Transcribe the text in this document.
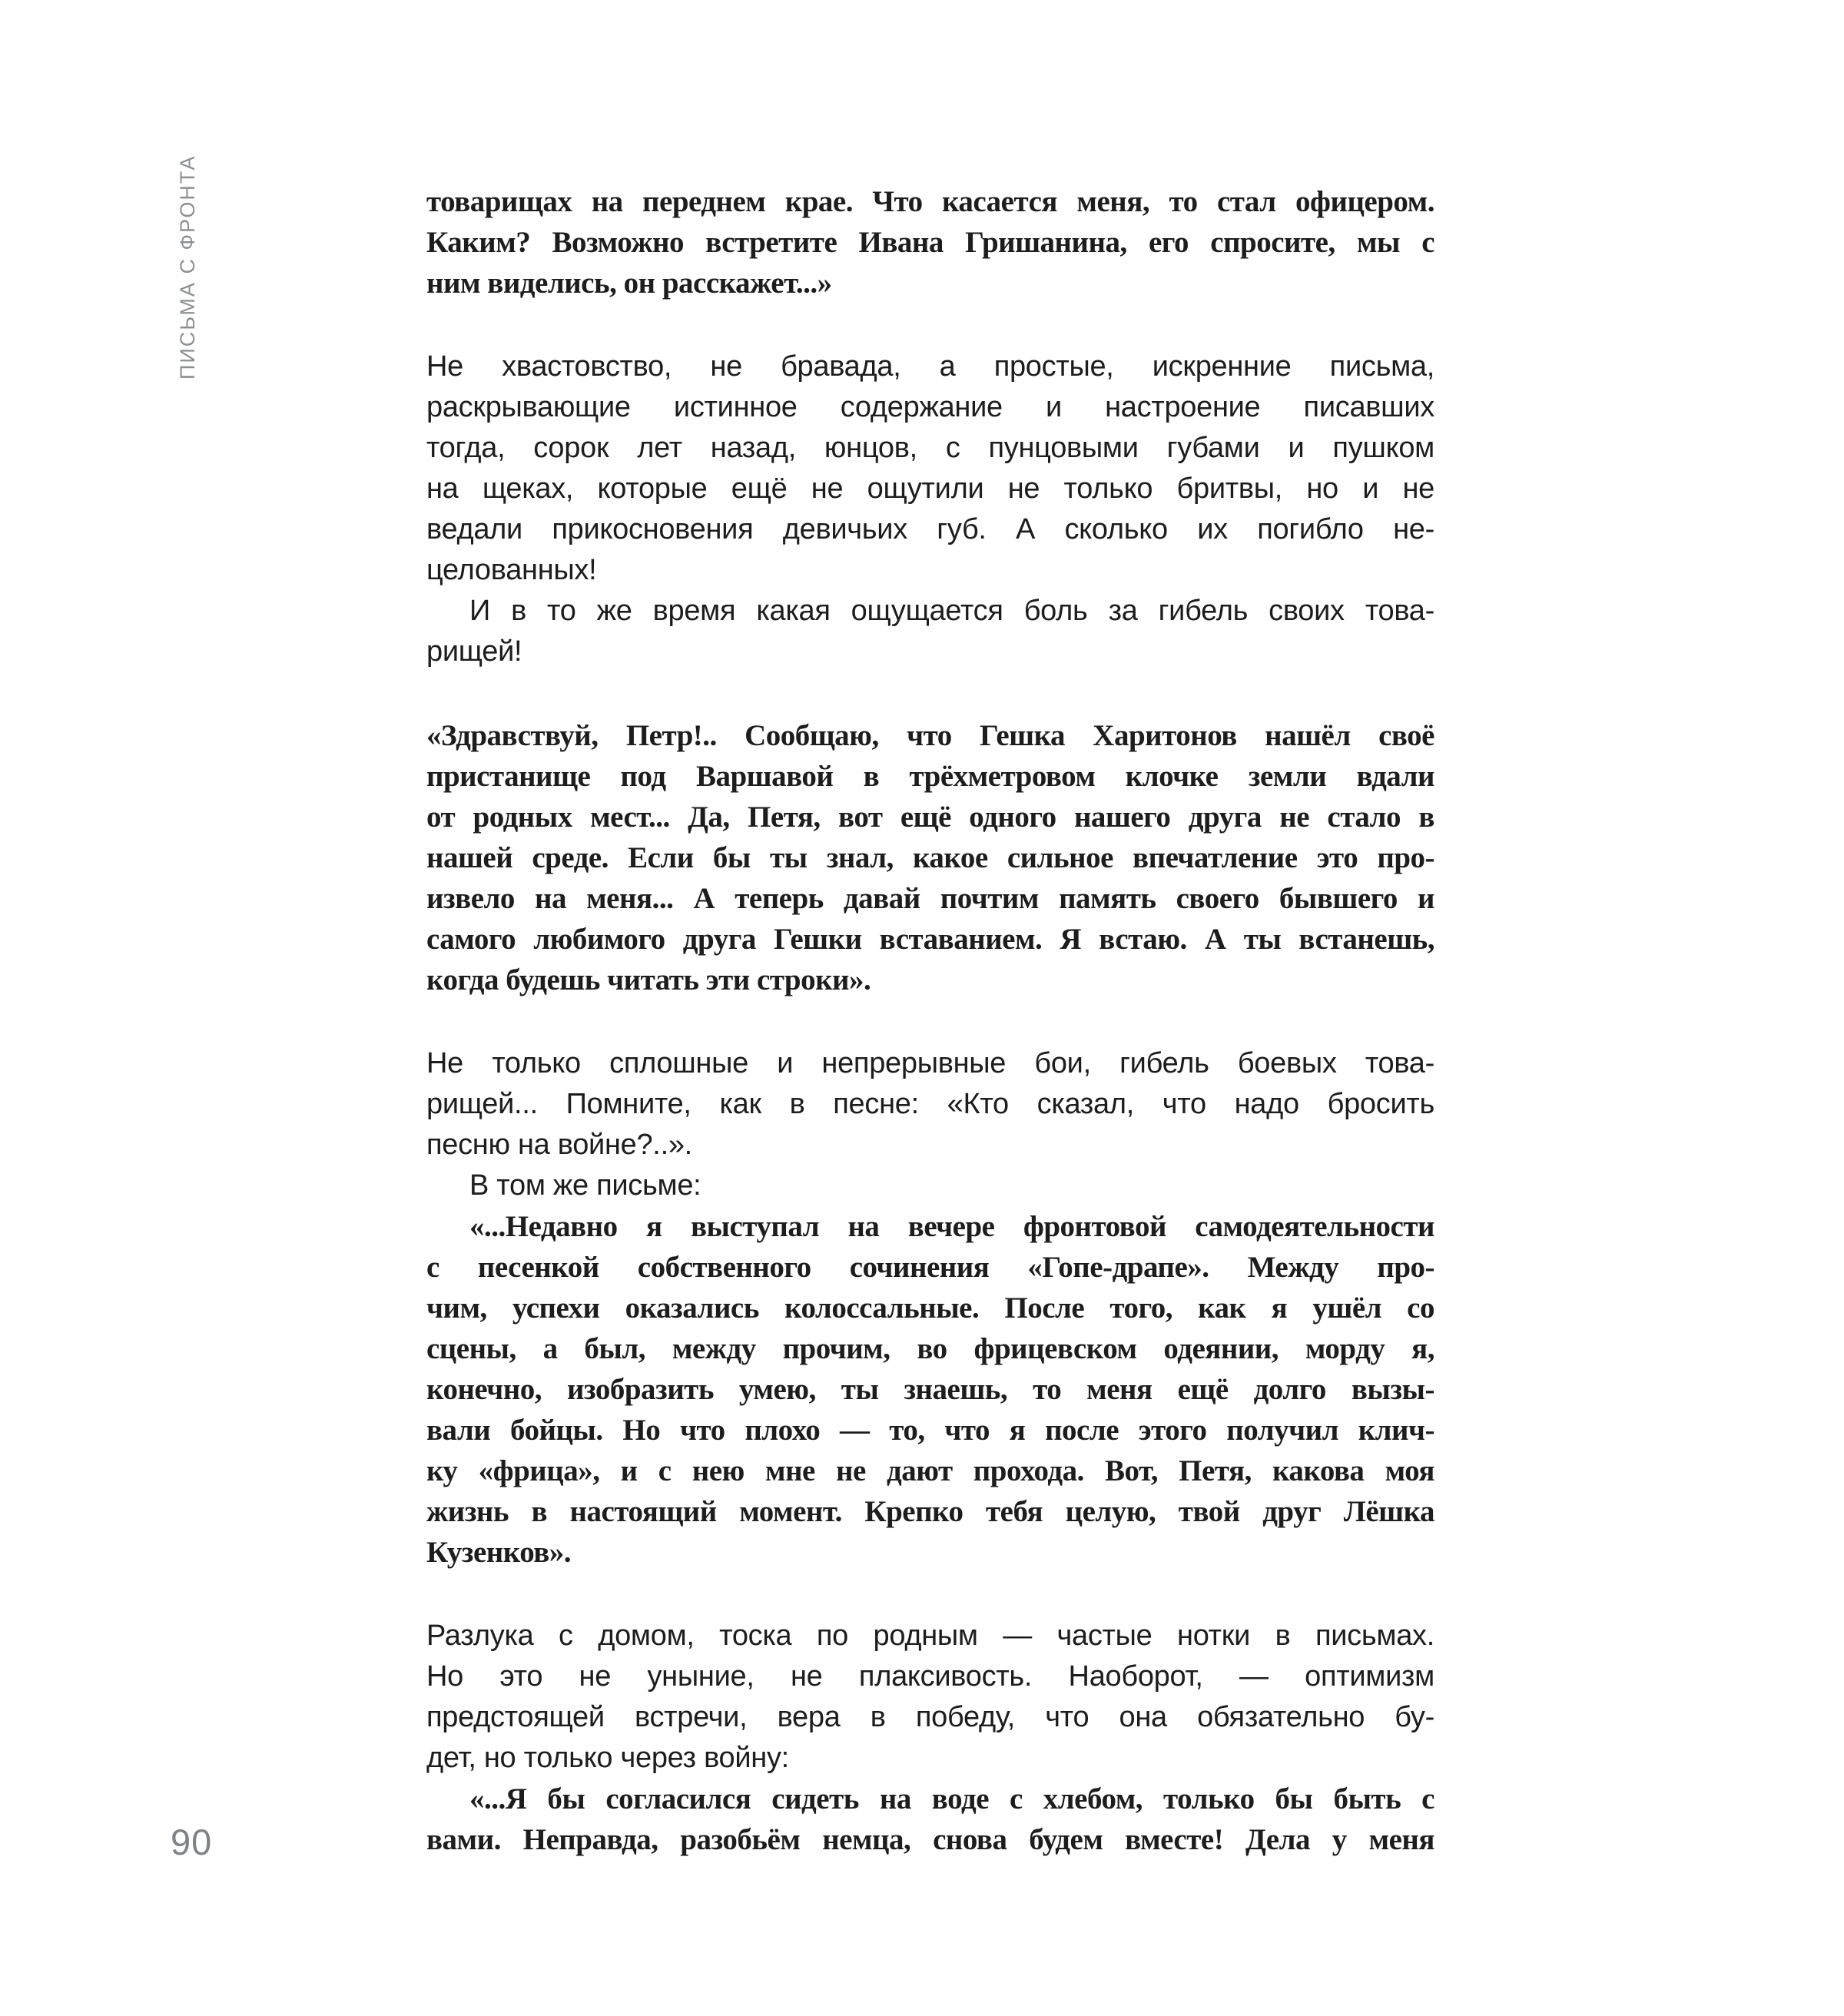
ПИСЬМА С ФРОНТА
90
товарищах на переднем крае. Что касается меня, то стал офицером.
Каким? Возможно встретите Ивана Гришанина, его спросите, мы с
ним виделись, он расскажет...»
Не хвастовство, не бравада, а простые, искренние письма,
раскрывающие истинное содержание и настроение писавших
тогда, сорок лет назад, юнцов, с пунцовыми губами и пушком
на щеках, которые ещё не ощутили не только бритвы, но и не
ведали прикосновения девичьих губ. А сколько их погибло не-
целованных!
И в то же время какая ощущается боль за гибель своих това-
рищей!
«Здравствуй, Петр!.. Сообщаю, что Гешка Харитонов нашёл своё
пристанище под Варшавой в трёхметровом клочке земли вдали
от родных мест... Да, Петя, вот ещё одного нашего друга не стало в
нашей среде. Если бы ты знал, какое сильное впечатление это про-
извело на меня... А теперь давай почтим память своего бывшего и
самого любимого друга Гешки вставанием. Я встаю. А ты встанешь,
когда будешь читать эти строки».
Не только сплошные и непрерывные бои, гибель боевых това-
рищей... Помните, как в песне: «Кто сказал, что надо бросить
песню на войне?..».
В том же письме:
«...Недавно я выступал на вечере фронтовой самодеятельности
с песенкой собственного сочинения «Гопе-драпе». Между про-
чим, успехи оказались колоссальные. После того, как я ушёл со
сцены, а был, между прочим, во фрицевском одеянии, морду я,
конечно, изобразить умею, ты знаешь, то меня ещё долго вызы-
вали бойцы. Но что плохо — то, что я после этого получил клич-
ку «фрица», и с нею мне не дают прохода. Вот, Петя, какова моя
жизнь в настоящий момент. Крепко тебя целую, твой друг Лёшка
Кузенков».
Разлука с домом, тоска по родным — частые нотки в письмах.
Но это не уныние, не плаксивость. Наоборот, — оптимизм
предстоящей встречи, вера в победу, что она обязательно бу-
дет, но только через войну:
«...Я бы согласился сидеть на воде с хлебом, только бы быть с
вами. Неправда, разобьём немца, снова будем вместе! Дела у меня
